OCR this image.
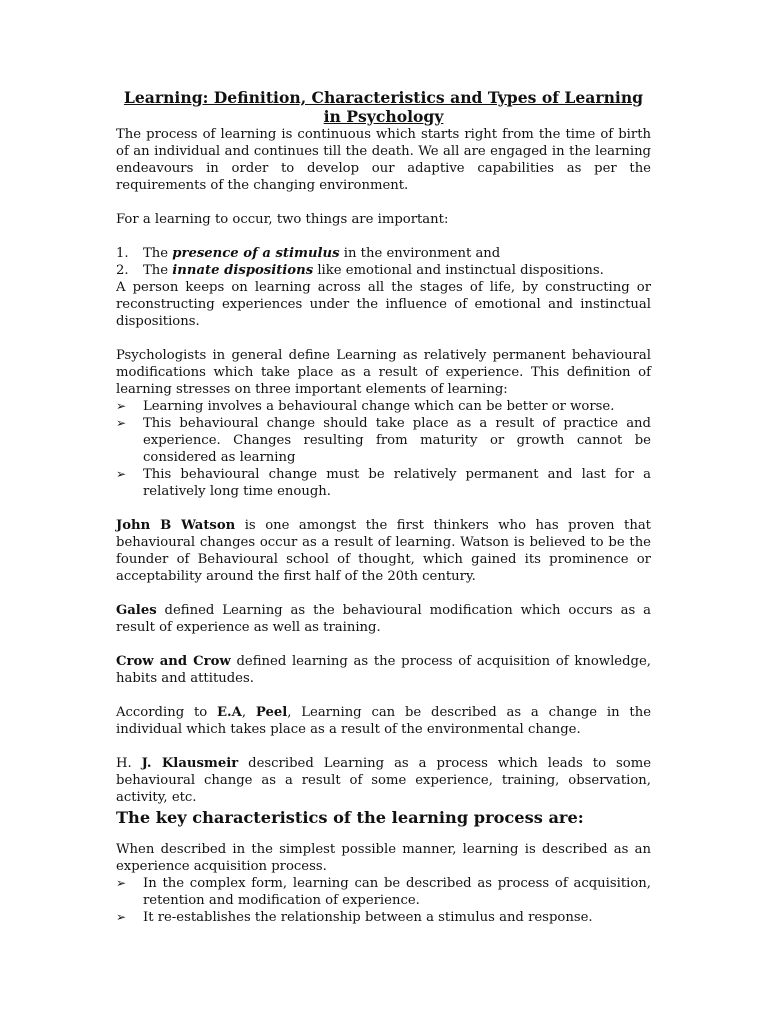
Learning: Definition, Characteristics and Types of Learning in Psychology

The process of learning is continuous which starts right from the time of birth of an individual and continues till the death. We all are engaged in the learning endeavours in order to develop our adaptive capabilities as per the requirements of the changing environment.

For a learning to occur, two things are important:

1. The presence of a stimulus in the environment and
2. The innate dispositions like emotional and instinctual dispositions.

A person keeps on learning across all the stages of life, by constructing or reconstructing experiences under the influence of emotional and instinctual dispositions.

Psychologists in general define Learning as relatively permanent behavioural modifications which take place as a result of experience. This definition of learning stresses on three important elements of learning:

➢ Learning involves a behavioural change which can be better or worse.
➢ This behavioural change should take place as a result of practice and experience. Changes resulting from maturity or growth cannot be considered as learning
➢ This behavioural change must be relatively permanent and last for a relatively long time enough.

John B Watson is one amongst the first thinkers who has proven that behavioural changes occur as a result of learning. Watson is believed to be the founder of Behavioural school of thought, which gained its prominence or acceptability around the first half of the 20th century.

Gales defined Learning as the behavioural modification which occurs as a result of experience as well as training.

Crow and Crow defined learning as the process of acquisition of knowledge, habits and attitudes.

According to E.A, Peel, Learning can be described as a change in the individual which takes place as a result of the environmental change.

H. J. Klausmeir described Learning as a process which leads to some behavioural change as a result of some experience, training, observation, activity, etc.

The key characteristics of the learning process are:

When described in the simplest possible manner, learning is described as an experience acquisition process.

➢ In the complex form, learning can be described as process of acquisition, retention and modification of experience.
➢ It re-establishes the relationship between a stimulus and response.
